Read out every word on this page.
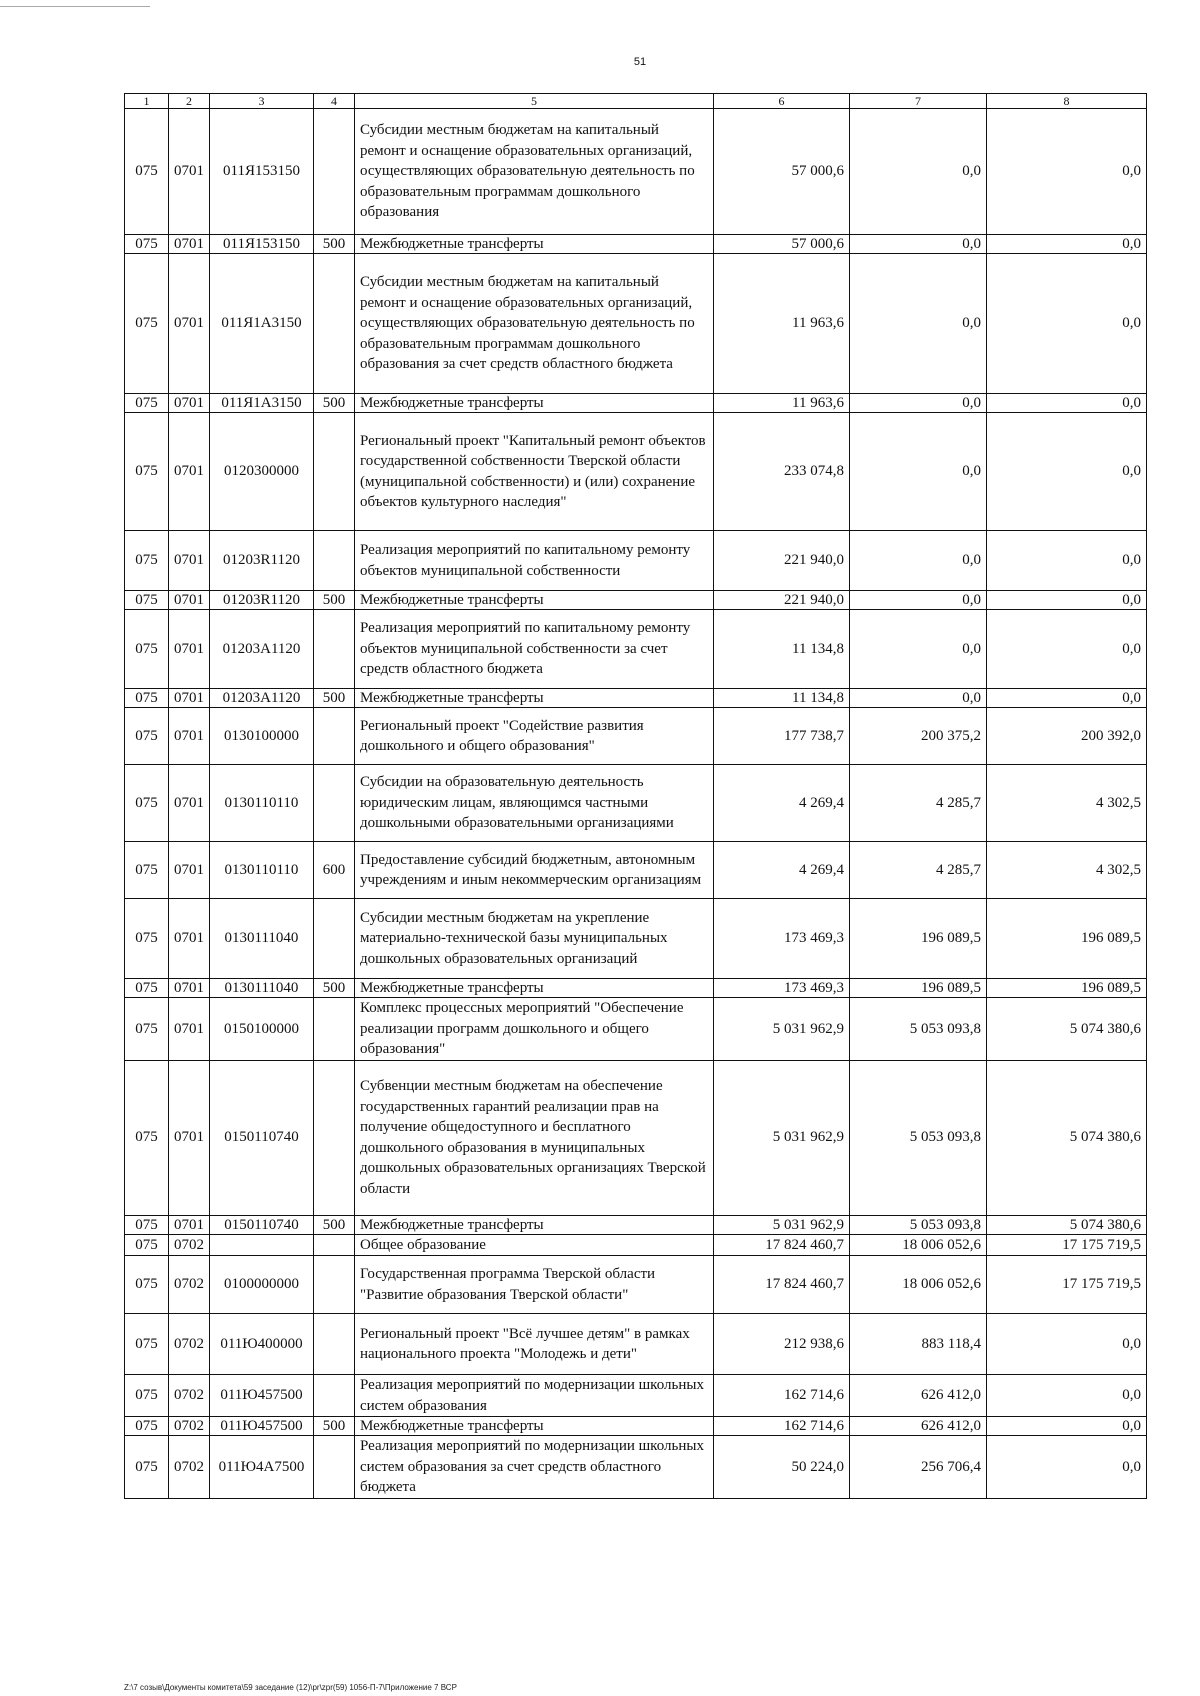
51
1	2	3	4	5	6	7	8
075	0701	011Я153150		Субсидии местным бюджетам на капитальный ремонт и оснащение образовательных организаций, осуществляющих образовательную деятельность по образовательным программам дошкольного образования	57 000,6	0,0	0,0
075	0701	011Я153150	500	Межбюджетные трансферты	57 000,6	0,0	0,0
075	0701	011Я1А3150		Субсидии местным бюджетам на капитальный ремонт и оснащение образовательных организаций, осуществляющих образовательную деятельность по образовательным программам дошкольного образования за счет средств областного бюджета	11 963,6	0,0	0,0
075	0701	011Я1А3150	500	Межбюджетные трансферты	11 963,6	0,0	0,0
075	0701	0120300000		Региональный проект "Капитальный ремонт объектов государственной собственности Тверской области (муниципальной собственности) и (или) сохранение объектов культурного наследия"	233 074,8	0,0	0,0
075	0701	01203R1120		Реализация мероприятий по капитальному ремонту объектов муниципальной собственности	221 940,0	0,0	0,0
075	0701	01203R1120	500	Межбюджетные трансферты	221 940,0	0,0	0,0
075	0701	01203A1120		Реализация мероприятий по капитальному ремонту объектов муниципальной собственности за счет средств областного бюджета	11 134,8	0,0	0,0
075	0701	01203A1120	500	Межбюджетные трансферты	11 134,8	0,0	0,0
075	0701	0130100000		Региональный проект "Содействие развития дошкольного и общего образования"	177 738,7	200 375,2	200 392,0
075	0701	0130110110		Субсидии на образовательную деятельность юридическим лицам, являющимся частными дошкольными образовательными организациями	4 269,4	4 285,7	4 302,5
075	0701	0130110110	600	Предоставление субсидий бюджетным, автономным учреждениям и иным некоммерческим организациям	4 269,4	4 285,7	4 302,5
075	0701	0130111040		Субсидии местным бюджетам на укрепление материально-технической базы муниципальных дошкольных образовательных организаций	173 469,3	196 089,5	196 089,5
075	0701	0130111040	500	Межбюджетные трансферты	173 469,3	196 089,5	196 089,5
075	0701	0150100000		Комплекс процессных мероприятий "Обеспечение реализации программ дошкольного и общего образования"	5 031 962,9	5 053 093,8	5 074 380,6
075	0701	0150110740		Субвенции местным бюджетам на обеспечение государственных гарантий реализации прав на получение общедоступного и бесплатного дошкольного образования в муниципальных дошкольных образовательных организациях Тверской области	5 031 962,9	5 053 093,8	5 074 380,6
075	0701	0150110740	500	Межбюджетные трансферты	5 031 962,9	5 053 093,8	5 074 380,6
075	0702			Общее образование	17 824 460,7	18 006 052,6	17 175 719,5
075	0702	0100000000		Государственная программа Тверской области "Развитие образования Тверской области"	17 824 460,7	18 006 052,6	17 175 719,5
075	0702	011Ю400000		Региональный проект "Всё лучшее детям" в рамках национального проекта "Молодежь и дети"	212 938,6	883 118,4	0,0
075	0702	011Ю457500		Реализация мероприятий по модернизации школьных систем образования	162 714,6	626 412,0	0,0
075	0702	011Ю457500	500	Межбюджетные трансферты	162 714,6	626 412,0	0,0
075	0702	011Ю4А7500		Реализация мероприятий по модернизации школьных систем образования за счет средств областного бюджета	50 224,0	256 706,4	0,0
Z:\7 созыв\Документы комитета\59 заседание (12)\pr\zpr(59) 1056-П-7\Приложение 7 ВСР
